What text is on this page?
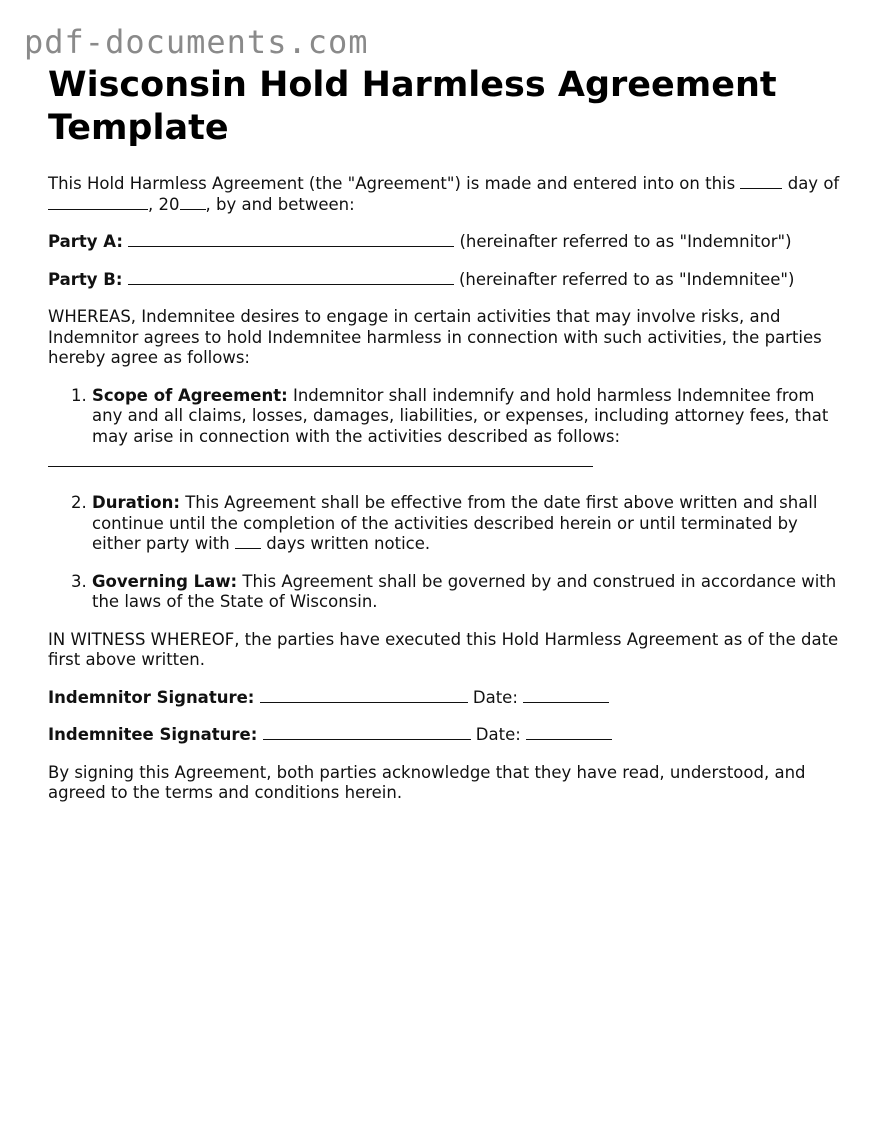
pdf-documents.com
Wisconsin Hold Harmless Agreement Template

This Hold Harmless Agreement (the "Agreement") is made and entered into on this	day of , 20 , by and between:

Party A:	(hereinafter referred to as "Indemnitor")

Party B:	(hereinafter referred to as "Indemnitee")

WHEREAS, Indemnitee desires to engage in certain activities that may involve risks, and Indemnitor agrees to hold Indemnitee harmless in connection with such activities, the parties hereby agree as follows:

1. Scope of Agreement: Indemnitor shall indemnify and hold harmless Indemnitee from any and all claims, losses, damages, liabilities, or expenses, including attorney fees, that may arise in connection with the activities described as follows:
2. Duration: This Agreement shall be effective from the date first above written and shall continue until the completion of the activities described herein or until terminated by either party with days written notice.
3. Governing Law: This Agreement shall be governed by and construed in accordance with the laws of the State of Wisconsin.

IN WITNESS WHEREOF, the parties have executed this Hold Harmless Agreement as of the date first above written.

Indemnitor Signature:	Date:

Indemnitee Signature:	Date:

By signing this Agreement, both parties acknowledge that they have read, understood, and agreed to the terms and conditions herein.
